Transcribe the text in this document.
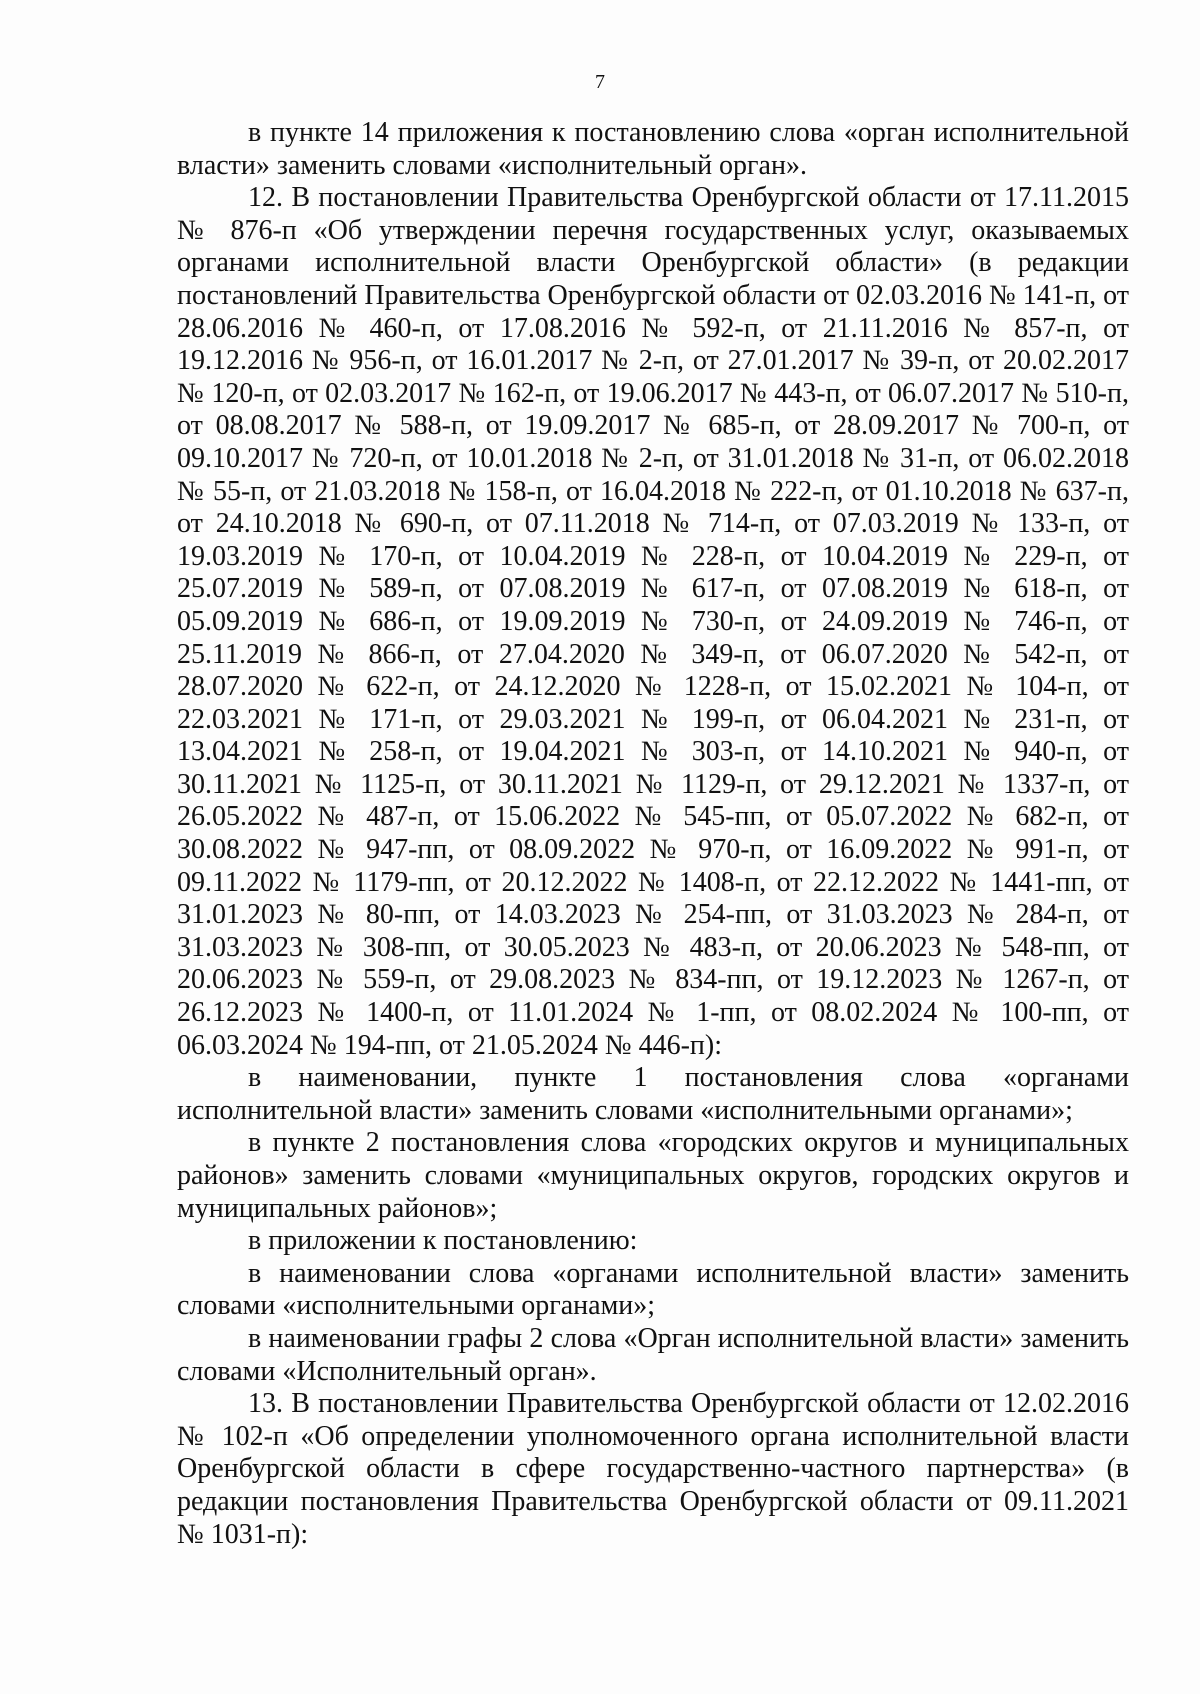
7

в пункте 14 приложения к постановлению слова «орган исполнительной власти» заменить словами «исполнительный орган».

12. В постановлении Правительства Оренбургской области от 17.11.2015 № 876-п «Об утверждении перечня государственных услуг, оказываемых органами исполнительной власти Оренбургской области» (в редакции постановлений Правительства Оренбургской области от 02.03.2016 № 141-п, от 28.06.2016 № 460-п, от 17.08.2016 № 592-п, от 21.11.2016 № 857-п, от 19.12.2016 № 956-п, от 16.01.2017 № 2-п, от 27.01.2017 № 39-п, от 20.02.2017 № 120-п, от 02.03.2017 № 162-п, от 19.06.2017 № 443-п, от 06.07.2017 № 510-п, от 08.08.2017 № 588-п, от 19.09.2017 № 685-п, от 28.09.2017 № 700-п, от 09.10.2017 № 720-п, от 10.01.2018 № 2-п, от 31.01.2018 № 31-п, от 06.02.2018 № 55-п, от 21.03.2018 № 158-п, от 16.04.2018 № 222-п, от 01.10.2018 № 637-п, от 24.10.2018 № 690-п, от 07.11.2018 № 714-п, от 07.03.2019 № 133-п, от 19.03.2019 № 170-п, от 10.04.2019 № 228-п, от 10.04.2019 № 229-п, от 25.07.2019 № 589-п, от 07.08.2019 № 617-п, от 07.08.2019 № 618-п, от 05.09.2019 № 686-п, от 19.09.2019 № 730-п, от 24.09.2019 № 746-п, от 25.11.2019 № 866-п, от 27.04.2020 № 349-п, от 06.07.2020 № 542-п, от 28.07.2020 № 622-п, от 24.12.2020 № 1228-п, от 15.02.2021 № 104-п, от 22.03.2021 № 171-п, от 29.03.2021 № 199-п, от 06.04.2021 № 231-п, от 13.04.2021 № 258-п, от 19.04.2021 № 303-п, от 14.10.2021 № 940-п, от 30.11.2021 № 1125-п, от 30.11.2021 № 1129-п, от 29.12.2021 № 1337-п, от 26.05.2022 № 487-п, от 15.06.2022 № 545-пп, от 05.07.2022 № 682-п, от 30.08.2022 № 947-пп, от 08.09.2022 № 970-п, от 16.09.2022 № 991-п, от 09.11.2022 № 1179-пп, от 20.12.2022 № 1408-п, от 22.12.2022 № 1441-пп, от 31.01.2023 № 80-пп, от 14.03.2023 № 254-пп, от 31.03.2023 № 284-п, от 31.03.2023 № 308-пп, от 30.05.2023 № 483-п, от 20.06.2023 № 548-пп, от 20.06.2023 № 559-п, от 29.08.2023 № 834-пп, от 19.12.2023 № 1267-п, от 26.12.2023 № 1400-п, от 11.01.2024 № 1-пп, от 08.02.2024 № 100-пп, от 06.03.2024 № 194-пп, от 21.05.2024 № 446-п):

в наименовании, пункте 1 постановления слова «органами исполнительной власти» заменить словами «исполнительными органами»;

в пункте 2 постановления слова «городских округов и муниципальных районов» заменить словами «муниципальных округов, городских округов и муниципальных районов»;

в приложении к постановлению:

в наименовании слова «органами исполнительной власти» заменить словами «исполнительными органами»;

в наименовании графы 2 слова «Орган исполнительной власти» заменить словами «Исполнительный орган».

13. В постановлении Правительства Оренбургской области от 12.02.2016 № 102-п «Об определении уполномоченного органа исполнительной власти Оренбургской области в сфере государственно-частного партнерства» (в редакции постановления Правительства Оренбургской области от 09.11.2021 № 1031-п):
